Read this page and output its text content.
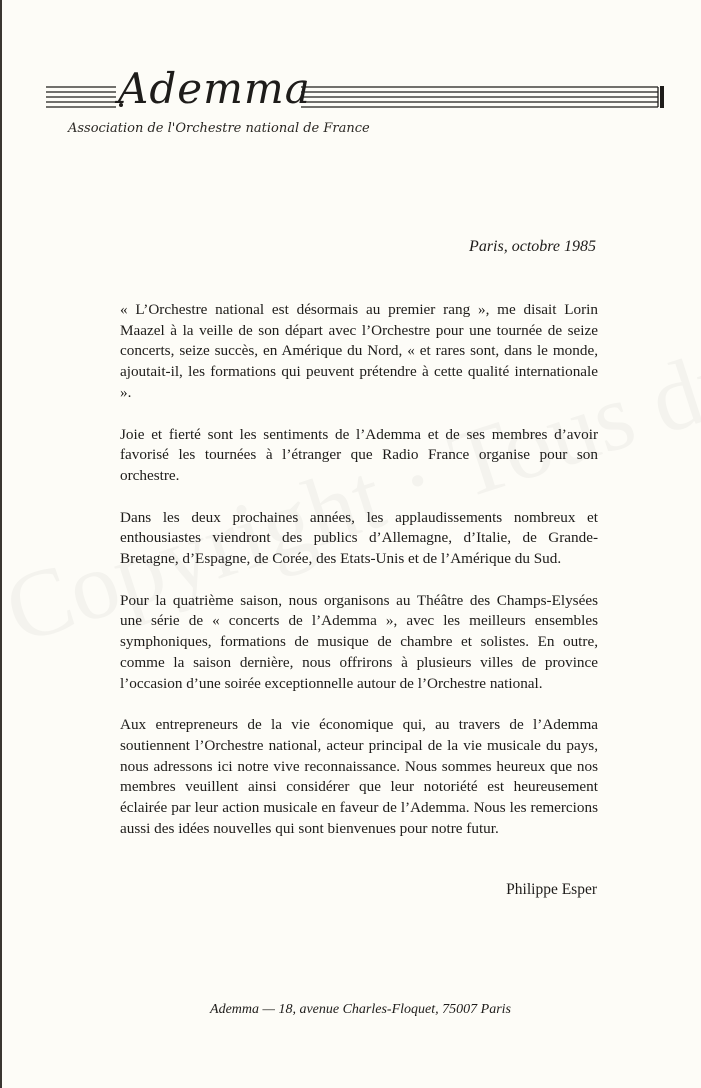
Ademma
Association de l'Orchestre national de France
Paris, octobre 1985

« L’Orchestre national est désormais au premier rang », me disait Lorin Maazel à la veille de son départ avec l’Orchestre pour une tournée de seize concerts, seize succès, en Amérique du Nord, « et rares sont, dans le monde, ajoutait-il, les formations qui peuvent prétendre à cette qualité internationale ».

Joie et fierté sont les sentiments de l’Ademma et de ses membres d’avoir favorisé les tournées à l’étranger que Radio France organise pour son orchestre.

Dans les deux prochaines années, les applaudissements nombreux et enthousiastes viendront des publics d’Allemagne, d’Italie, de Grande-Bretagne, d’Espagne, de Corée, des Etats-Unis et de l’Amérique du Sud.

Pour la quatrième saison, nous organisons au Théâtre des Champs-Elysées une série de « concerts de l’Ademma », avec les meilleurs ensembles symphoniques, formations de musique de chambre et solistes. En outre, comme la saison dernière, nous offrirons à plusieurs villes de province l’occasion d’une soirée exceptionnelle autour de l’Orchestre national.

Aux entrepreneurs de la vie économique qui, au travers de l’Ademma soutiennent l’Orchestre national, acteur principal de la vie musicale du pays, nous adressons ici notre vive reconnaissance. Nous sommes heureux que nos membres veuillent ainsi considérer que leur notoriété est heureusement éclairée par leur action musicale en faveur de l’Ademma. Nous les remercions aussi des idées nouvelles qui sont bienvenues pour notre futur.

Philippe Esper
Ademma — 18, avenue Charles-Floquet, 75007 Paris
